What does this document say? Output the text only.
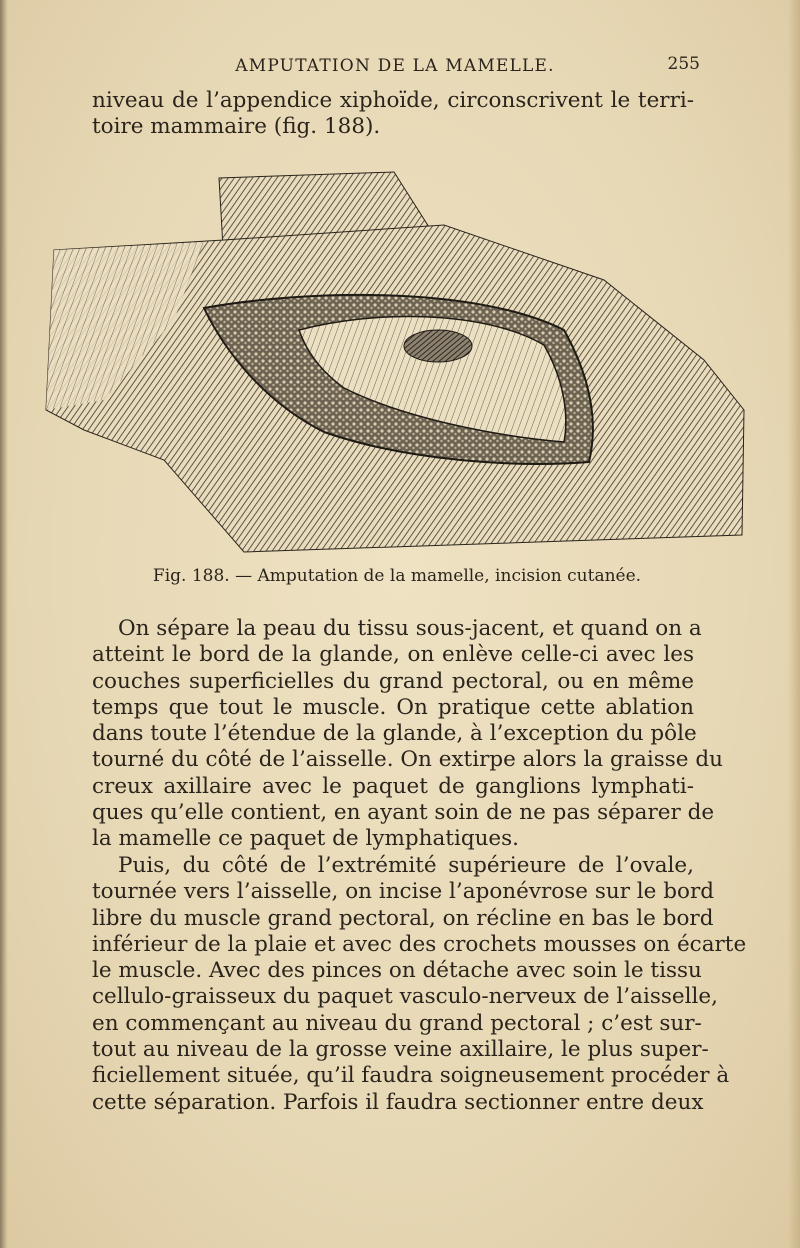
AMPUTATION DE LA MAMELLE.	255

niveau de l’appendice xiphoïde, circonscrivent le terri-
toire mammaire (fig. 188).

Fig. 188. — Amputation de la mamelle, incision cutanée.

On sépare la peau du tissu sous-jacent, et quand on a
atteint le bord de la glande, on enlève celle-ci avec les
couches superficielles du grand pectoral, ou en même
temps que tout le muscle. On pratique cette ablation
dans toute l’étendue de la glande, à l’exception du pôle
tourné du côté de l’aisselle. On extirpe alors la graisse du
creux axillaire avec le paquet de ganglions lymphati-
ques qu’elle contient, en ayant soin de ne pas séparer de
la mamelle ce paquet de lymphatiques.

Puis, du côté de l’extrémité supérieure de l’ovale,
tournée vers l’aisselle, on incise l’aponévrose sur le bord
libre du muscle grand pectoral, on récline en bas le bord
inférieur de la plaie et avec des crochets mousses on écarte
le muscle. Avec des pinces on détache avec soin le tissu
cellulo-graisseux du paquet vasculo-nerveux de l’aisselle,
en commençant au niveau du grand pectoral ; c’est sur-
tout au niveau de la grosse veine axillaire, le plus super-
ficiellement située, qu’il faudra soigneusement procéder à
cette séparation. Parfois il faudra sectionner entre deux
